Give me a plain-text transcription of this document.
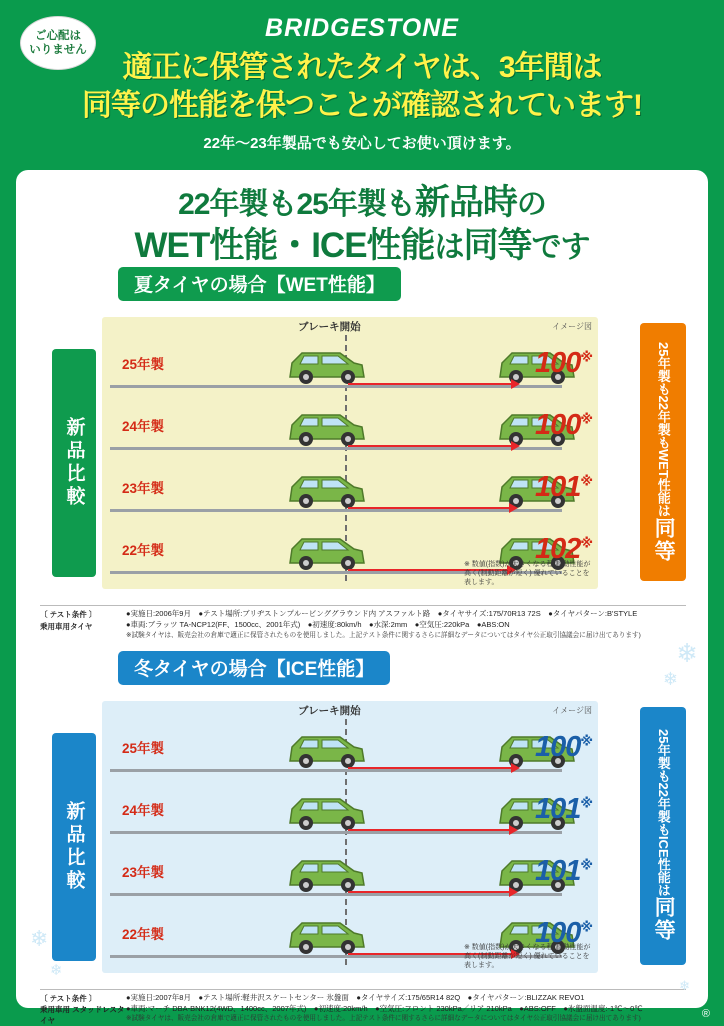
ご心配は
いりません
BRIDGESTONE
適正に保管されたタイヤは、3年間は
同等の性能を保つことが確認されています!
22年〜23年製品でも安心してお使い頂けます。
22年製も25年製も新品時の
WET性能・ICE性能は同等です
夏タイヤの場合【WET性能】
新品比較
イメージ図
ブレーキ開始
25年製	100※
24年製	100※
23年製	101※
22年製	102※
※ 数値(指数)が大きくなる程 制動性能が高く(制動距離が短く) 優れていることを表します。
25年製も22年製も
WET性能は
同等
〔 テスト条件 〕
乗用車用タイヤ
●実施日:2006年9月　●テスト場所:ブリヂストンプルービンググラウンド内 アスファルト路　●タイヤサイズ:175/70R13 72S　●タイヤパターン:B'STYLE
●車両:ブラッツ TA-NCP12(FF、1500cc、2001年式)　●初速度:80km/h　●水深:2mm　●空気圧:220kPa　●ABS:ON
※試験タイヤは、販売会社の倉庫で適正に保管されたものを使用しました。上記テスト条件に関するさらに詳細なデータについてはタイヤ公正取引協議会に届け出てあります)
冬タイヤの場合【ICE性能】
新品比較
イメージ図
ブレーキ開始
25年製	100※
24年製	101※
23年製	101※
22年製	100※
※ 数値(指数)が大きくなる程 制動性能が高く(制動距離が短く) 優れていることを表します。
25年製も22年製も
ICE性能は
同等
〔 テスト条件 〕
乗用車用 スタッドレスタイヤ
●実施日:2007年8月　●テスト場所:軽井沢スケートセンター 氷盤面　●タイヤサイズ:175/65R14 82Q　●タイヤパターン:BLIZZAK REVO1
●車両:マーチ DBA-BNK12(4WD、1400cc、2007年式)　●初速度:20km/h　●空気圧:フロント 230kPa／リア 210kPa　●ABS:OFF　●氷盤面温度:-1℃〜0℃
※試験タイヤは、販売会社の倉庫で適正に保管されたものを使用しました。上記テスト条件に関するさらに詳細なデータについてはタイヤ公正取引協議会に届け出てあります)
❄
❄
❄
❄
❄
®
